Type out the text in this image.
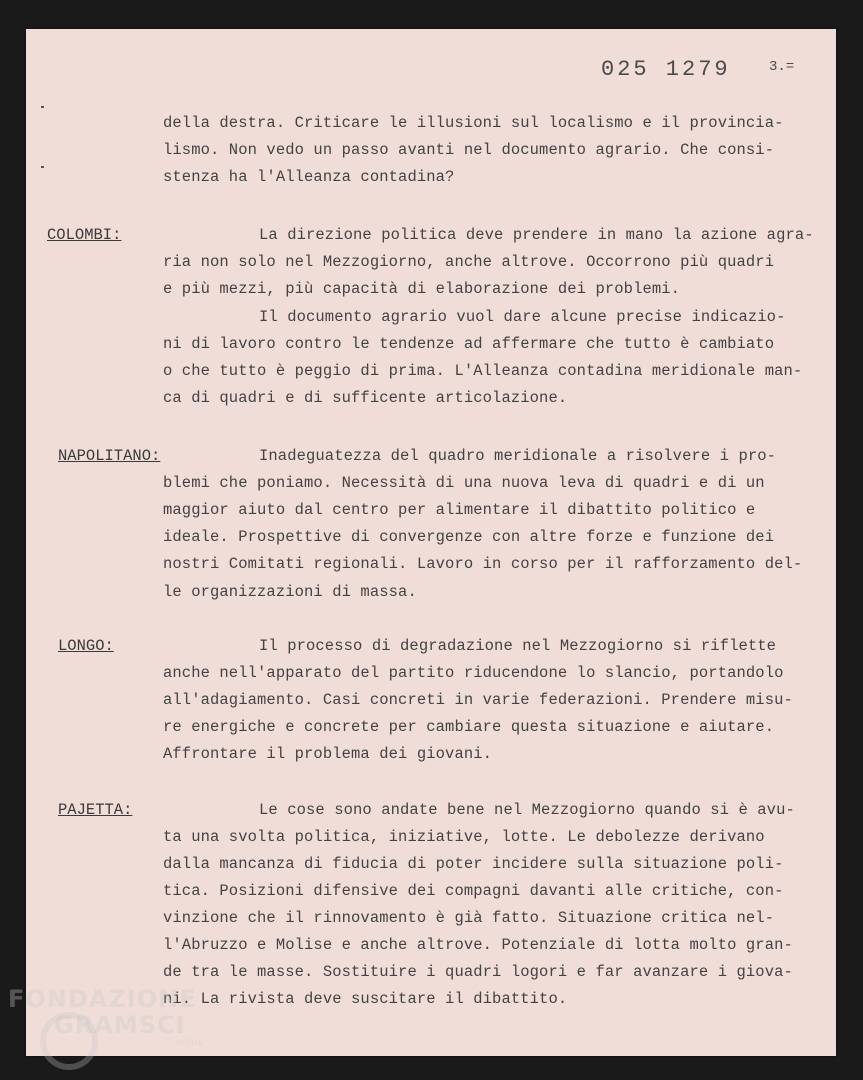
025 1279	3.=
della destra. Criticare le illusioni sul localismo e il provincia-
lismo. Non vedo un passo avanti nel documento agrario. Che consi-
stenza ha l'Alleanza contadina?
COLOMBI:	La direzione politica deve prendere in mano la azione agra-
ria non solo nel Mezzogiorno, anche altrove. Occorrono più quadri
e più mezzi, più capacità di elaborazione dei problemi.
Il documento agrario vuol dare alcune precise indicazio-
ni di lavoro contro le tendenze ad affermare che tutto è cambiato
o che tutto è peggio di prima. L'Alleanza contadina meridionale man-
ca di quadri e di sufficente articolazione.
NAPOLITANO:	Inadeguatezza del quadro meridionale a risolvere i pro-
blemi che poniamo. Necessità di una nuova leva di quadri e di un
maggior aiuto dal centro per alimentare il dibattito politico e
ideale. Prospettive di convergenze con altre forze e funzione dei
nostri Comitati regionali. Lavoro in corso per il rafforzamento del-
le organizzazioni di massa.
LONGO:	Il processo di degradazione nel Mezzogiorno si riflette
anche nell'apparato del partito riducendone lo slancio, portandolo
all'adagiamento. Casi concreti in varie federazioni. Prendere misu-
re energiche e concrete per cambiare questa situazione e aiutare.
Affrontare il problema dei giovani.
PAJETTA:	Le cose sono andate bene nel Mezzogiorno quando si è avu-
ta una svolta politica, iniziative, lotte. Le debolezze derivano
dalla mancanza di fiducia di poter incidere sulla situazione poli-
tica. Posizioni difensive dei compagni davanti alle critiche, con-
vinzione che il rinnovamento è già fatto. Situazione critica nel-
l'Abruzzo e Molise e anche altrove. Potenziale di lotta molto gran-
de tra le masse. Sostituire i quadri logori e far avanzare i giova-
ni. La rivista deve suscitare il dibattito.
FONDAZIONE
GRAMSCI
onlus
